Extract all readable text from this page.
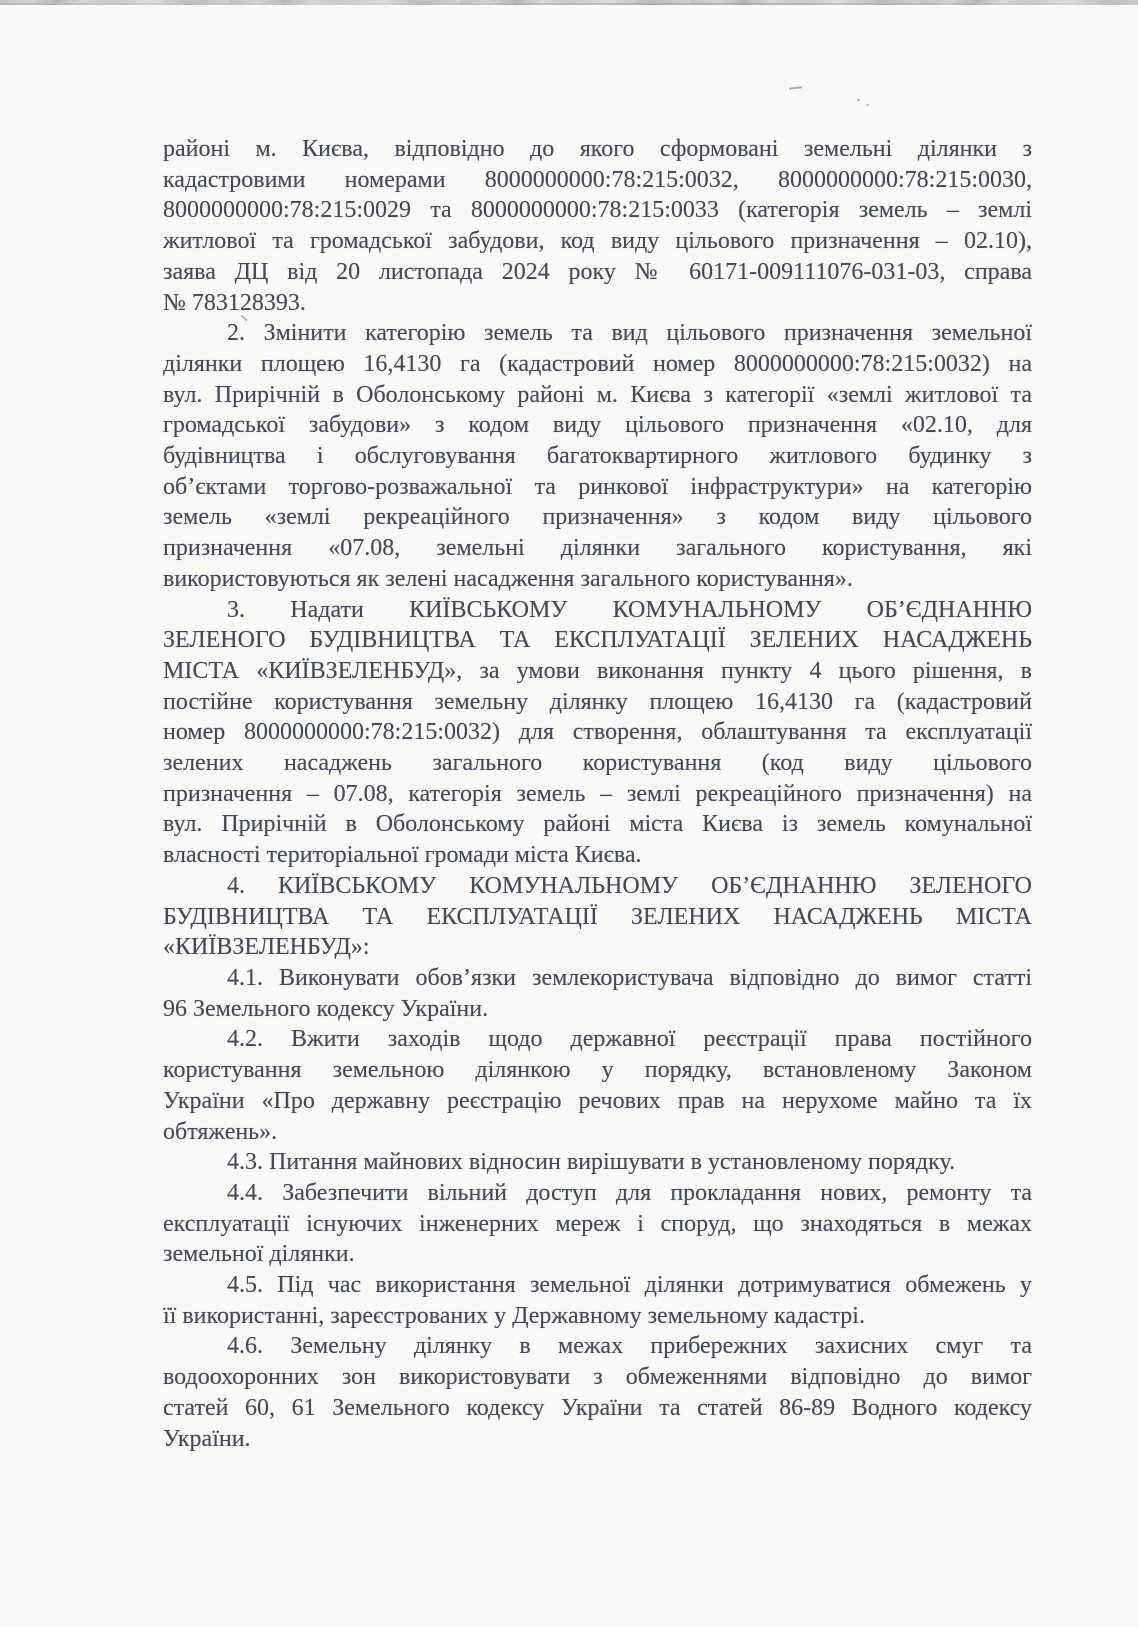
районі м. Києва, відповідно до якого сформовані земельні ділянки з
кадастровими номерами 8000000000:78:215:0032, 8000000000:78:215:0030,
8000000000:78:215:0029 та 8000000000:78:215:0033 (категорія земель – землі
житлової та громадської забудови, код виду цільового призначення – 02.10),
заява ДЦ від 20 листопада 2024 року № 60171-009111076-031-03, справа
№ 783128393.
2. Змінити категорію земель та вид цільового призначення земельної
ділянки площею 16,4130 га (кадастровий номер 8000000000:78:215:0032) на
вул. Прирічній в Оболонському районі м. Києва з категорії «землі житлової та
громадської забудови» з кодом виду цільового призначення «02.10, для
будівництва і обслуговування багатоквартирного житлового будинку з
об’єктами торгово-розважальної та ринкової інфраструктури» на категорію
земель «землі рекреаційного призначення» з кодом виду цільового
призначення «07.08, земельні ділянки загального користування, які
використовуються як зелені насадження загального користування».
3. Надати КИЇВСЬКОМУ КОМУНАЛЬНОМУ ОБ’ЄДНАННЮ
ЗЕЛЕНОГО БУДІВНИЦТВА ТА ЕКСПЛУАТАЦІЇ ЗЕЛЕНИХ НАСАДЖЕНЬ
МІСТА «КИЇВЗЕЛЕНБУД», за умови виконання пункту 4 цього рішення, в
постійне користування земельну ділянку площею 16,4130 га (кадастровий
номер 8000000000:78:215:0032) для створення, облаштування та експлуатації
зелених насаджень загального користування (код виду цільового
призначення – 07.08, категорія земель – землі рекреаційного призначення) на
вул. Прирічній в Оболонському районі міста Києва із земель комунальної
власності територіальної громади міста Києва.
4. КИЇВСЬКОМУ КОМУНАЛЬНОМУ ОБ’ЄДНАННЮ ЗЕЛЕНОГО
БУДІВНИЦТВА ТА ЕКСПЛУАТАЦІЇ ЗЕЛЕНИХ НАСАДЖЕНЬ МІСТА
«КИЇВЗЕЛЕНБУД»:
4.1. Виконувати обов’язки землекористувача відповідно до вимог статті
96 Земельного кодексу України.
4.2. Вжити заходів щодо державної реєстрації права постійного
користування земельною ділянкою у порядку, встановленому Законом
України «Про державну реєстрацію речових прав на нерухоме майно та їх
обтяжень».
4.3. Питання майнових відносин вирішувати в установленому порядку.
4.4. Забезпечити вільний доступ для прокладання нових, ремонту та
експлуатації існуючих інженерних мереж і споруд, що знаходяться в межах
земельної ділянки.
4.5. Під час використання земельної ділянки дотримуватися обмежень у
її використанні, зареєстрованих у Державному земельному кадастрі.
4.6. Земельну ділянку в межах прибережних захисних смуг та
водоохоронних зон використовувати з обмеженнями відповідно до вимог
статей 60, 61 Земельного кодексу України та статей 86-89 Водного кодексу
України.
